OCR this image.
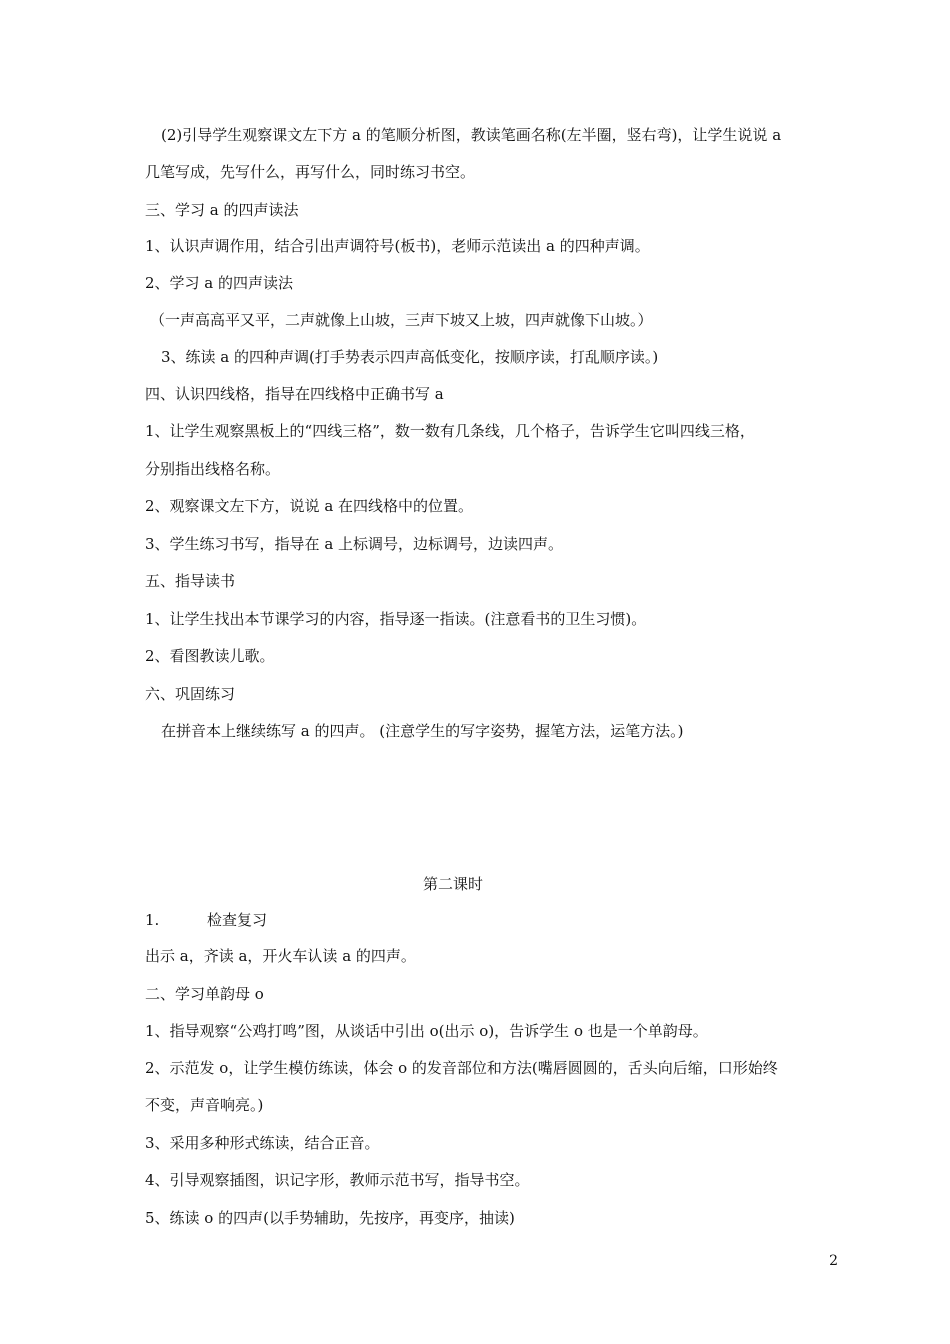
(2)引导学生观察课文左下方 a 的笔顺分析图，教读笔画名称(左半圈，竖右弯)，让学生说说 a
几笔写成，先写什么，再写什么，同时练习书空。
三、学习 a 的四声读法
1、认识声调作用，结合引出声调符号(板书)，老师示范读出 a 的四种声调。
2、学习 a 的四声读法
（一声高高平又平，二声就像上山坡，三声下坡又上坡，四声就像下山坡。）
3、练读 a 的四种声调(打手势表示四声高低变化，按顺序读，打乱顺序读。)
四、认识四线格，指导在四线格中正确书写 a
1、让学生观察黑板上的“四线三格”，数一数有几条线，几个格子，告诉学生它叫四线三格，
分别指出线格名称。
2、观察课文左下方，说说 a 在四线格中的位置。
3、学生练习书写，指导在 a 上标调号，边标调号，边读四声。
五、指导读书
1、让学生找出本节课学习的内容，指导逐一指读。(注意看书的卫生习惯)。
2、看图教读儿歌。
六、巩固练习
在拼音本上继续练写 a 的四声。 (注意学生的写字姿势，握笔方法，运笔方法。)
第二课时
1.	检查复习
出示 a，齐读 a，开火车认读 a 的四声。
二、学习单韵母 o
1、指导观察“公鸡打鸣”图，从谈话中引出 o(出示 o)，告诉学生 o 也是一个单韵母。
2、示范发 o，让学生模仿练读，体会 o 的发音部位和方法(嘴唇圆圆的，舌头向后缩，口形始终
不变，声音响亮。)
3、采用多种形式练读，结合正音。
4、引导观察插图，识记字形，教师示范书写，指导书空。
5、练读 o 的四声(以手势辅助，先按序，再变序，抽读)
2
